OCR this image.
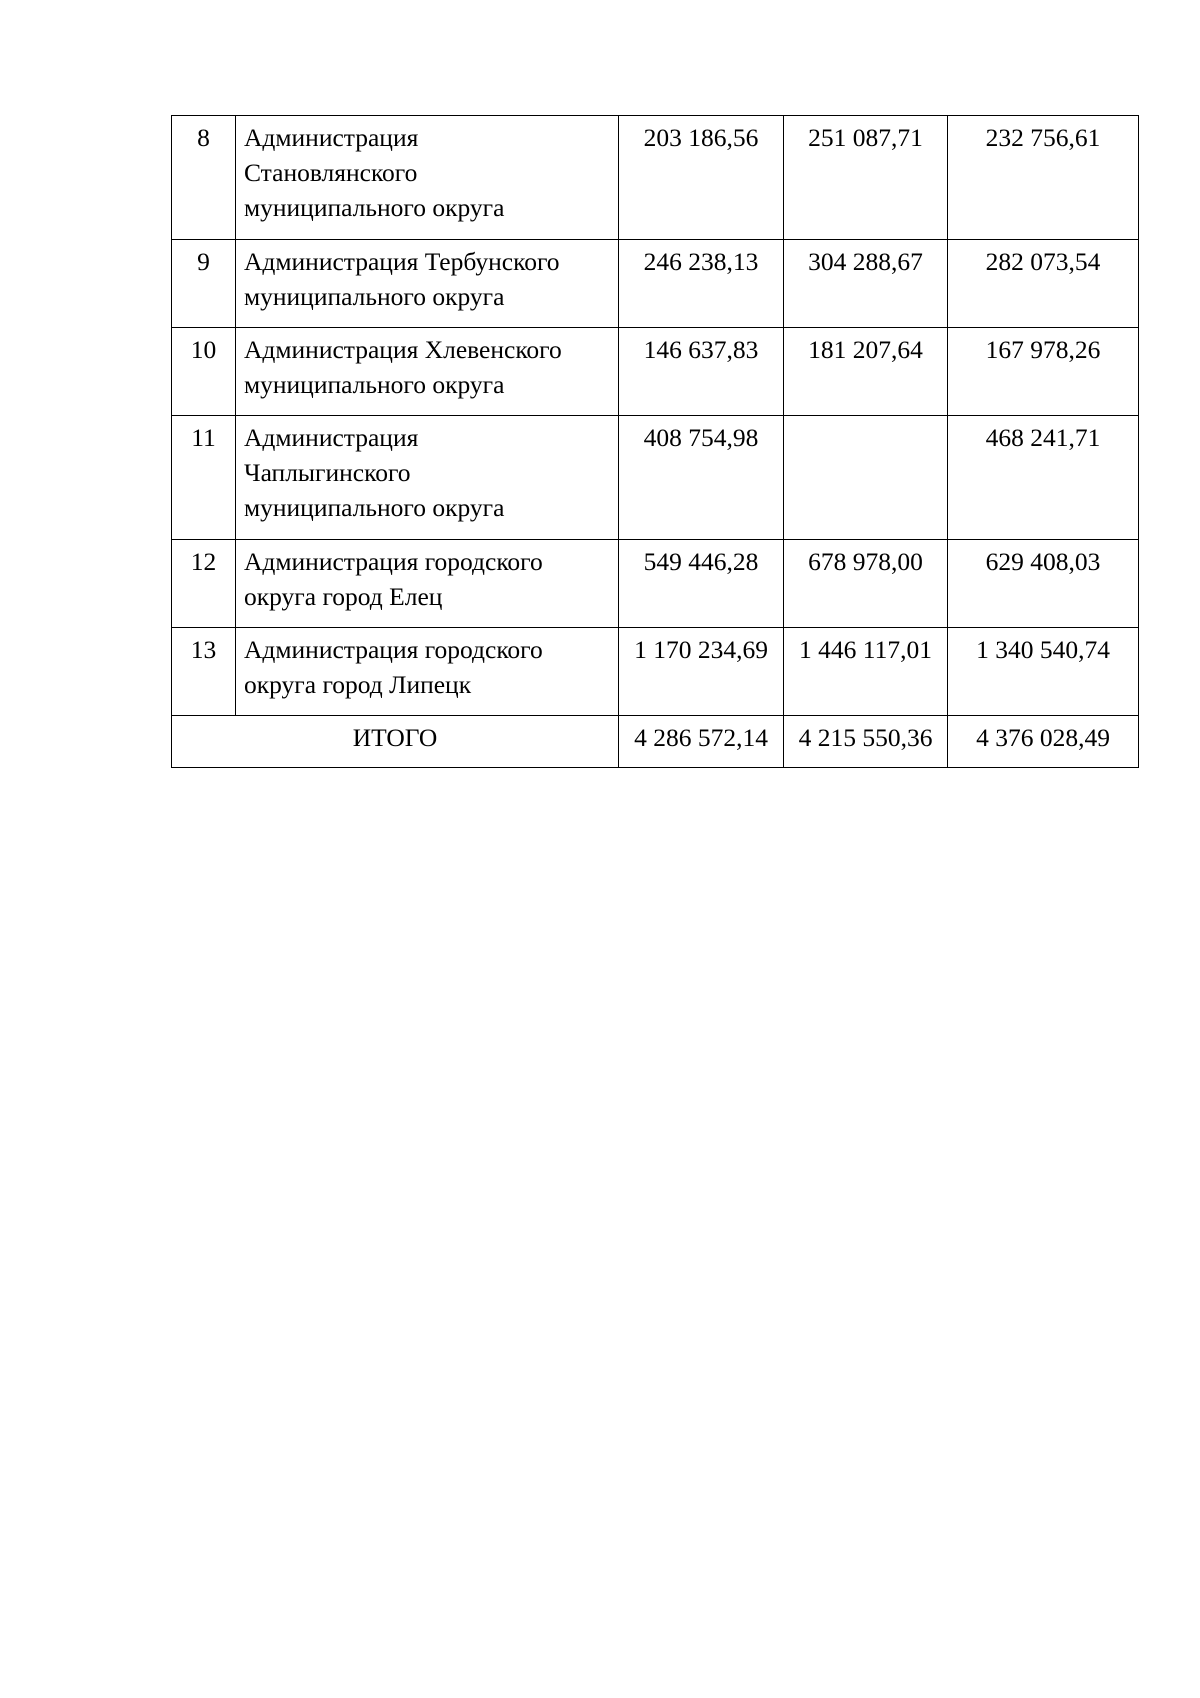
8	Администрация
Становлянского
муниципального округа	203 186,56	251 087,71	232 756,61
9	Администрация Тербунского
муниципального округа	246 238,13	304 288,67	282 073,54
10	Администрация Хлевенского
муниципального округа	146 637,83	181 207,64	167 978,26
11	Администрация
Чаплыгинского
муниципального округа	408 754,98		468 241,71
12	Администрация городского
округа город Елец	549 446,28	678 978,00	629 408,03
13	Администрация городского
округа город Липецк	1 170 234,69	1 446 117,01	1 340 540,74
ИТОГО		4 286 572,14	4 215 550,36	4 376 028,49
